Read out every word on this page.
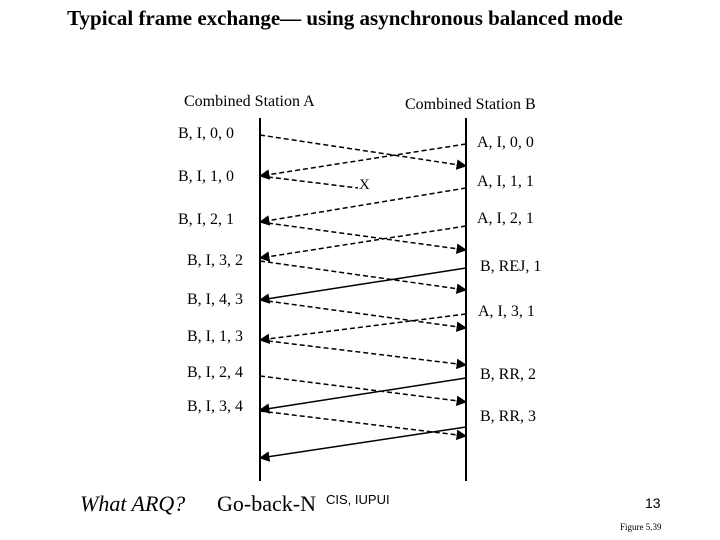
Typical frame exchange— using asynchronous balanced mode
Combined Station A	Combined Station B
X
B, I, 0, 0
B, I, 1, 0
B, I, 2, 1
B, I, 3, 2
B, I, 4, 3
B, I, 1, 3
B, I, 2, 4
B, I, 3, 4
A, I, 0, 0
A, I, 1, 1
A, I, 2, 1
B, REJ, 1
A, I, 3, 1
B, RR, 2
B, RR, 3
What ARQ? Go-back-N CIS, IUPUI	13
Figure 5.39
